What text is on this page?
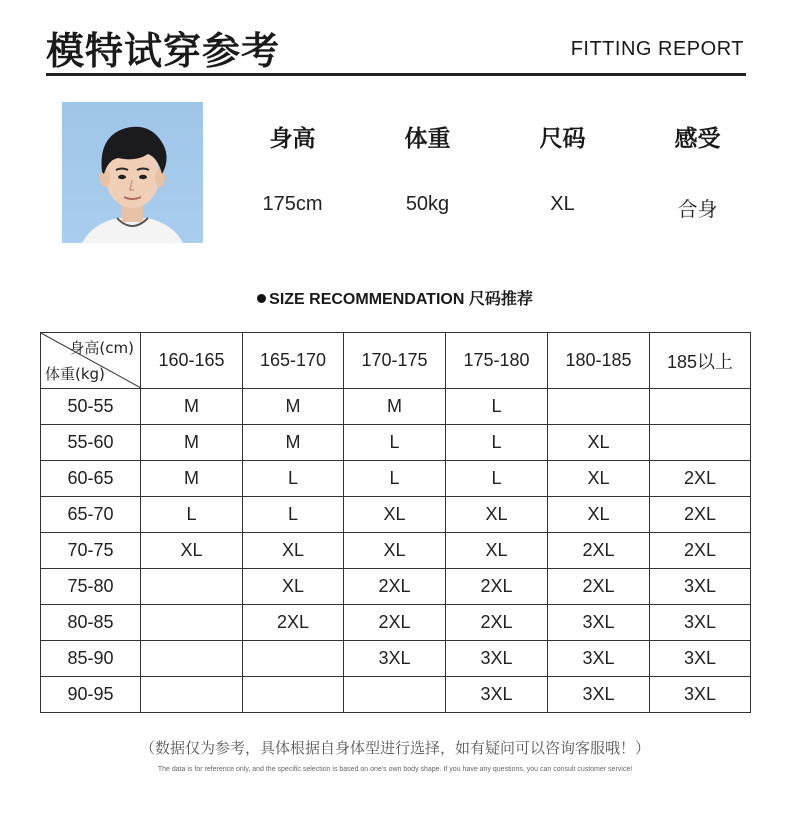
模特试穿参考	FITTING REPORT
身高
175cm
体重
50kg
尺码
XL
感受
合身
SIZE RECOMMENDATION 尺码推荐
身高(cm)
体重(kg)	160-165	165-170	170-175	175-180	180-185	185以上
50-55	M	M	M	L		
55-60	M	M	L	L	XL	
60-65	M	L	L	L	XL	2XL
65-70	L	L	XL	XL	XL	2XL
70-75	XL	XL	XL	XL	2XL	2XL
75-80		XL	2XL	2XL	2XL	3XL
80-85		2XL	2XL	2XL	3XL	3XL
85-90			3XL	3XL	3XL	3XL
90-95				3XL	3XL	3XL
（数据仅为参考，具体根据自身体型进行选择，如有疑问可以咨询客服哦！）
The data is for reference only, and the specific selection is based on one's own body shape. If you have any questions, you can consult customer service!
